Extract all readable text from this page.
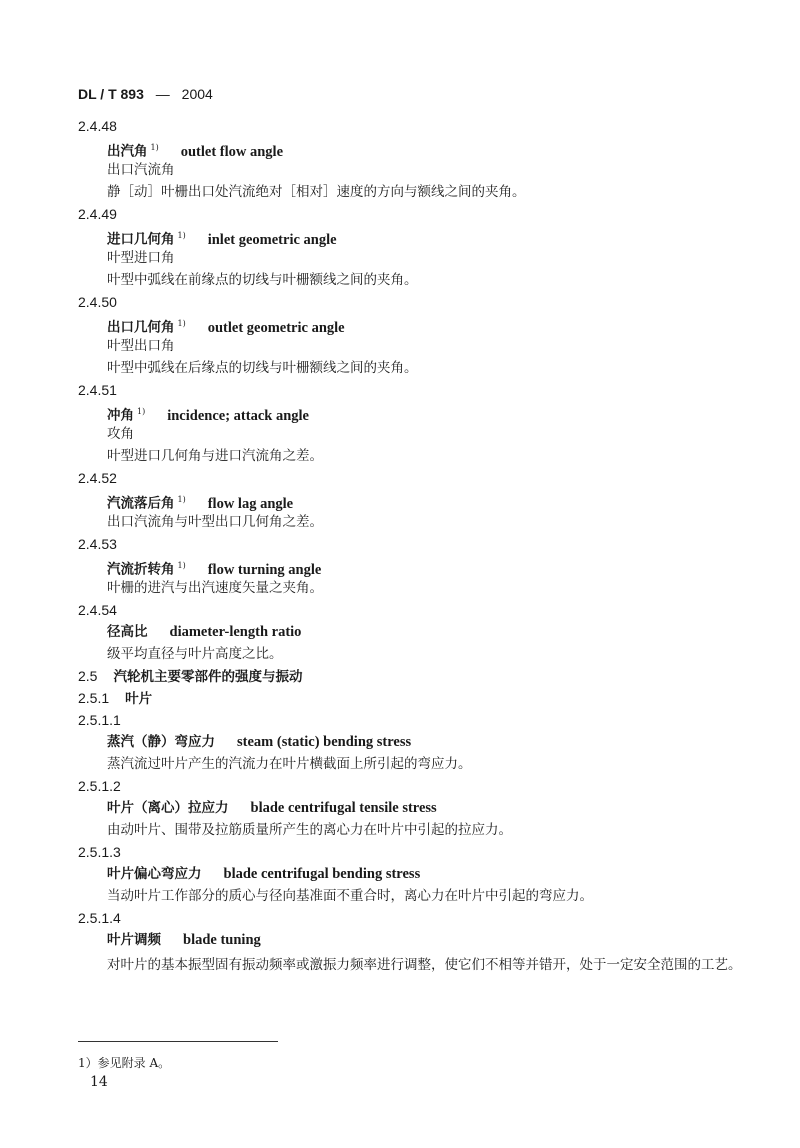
DL / T 893 — 2004
2.4.48
出汽角 $^{1)}$ outlet flow angle
出口汽流角
静［动］叶栅出口处汽流绝对［相对］速度的方向与额线之间的夹角。
2.4.49
进口几何角 $^{1)}$ inlet geometric angle
叶型进口角
叶型中弧线在前缘点的切线与叶栅额线之间的夹角。
2.4.50
出口几何角 $^{1)}$ outlet geometric angle
叶型出口角
叶型中弧线在后缘点的切线与叶栅额线之间的夹角。
2.4.51
冲角 $^{1)}$ incidence; attack angle
攻角
叶型进口几何角与进口汽流角之差。
2.4.52
汽流落后角 $^{1)}$ flow lag angle
出口汽流角与叶型出口几何角之差。
2.4.53
汽流折转角 $^{1)}$ flow turning angle
叶栅的进汽与出汽速度矢量之夹角。
2.4.54
径高比 diameter-length ratio
级平均直径与叶片高度之比。
2.5 汽轮机主要零部件的强度与振动
2.5.1 叶片
2.5.1.1
蒸汽（静）弯应力 steam (static) bending stress
蒸汽流过叶片产生的汽流力在叶片横截面上所引起的弯应力。
2.5.1.2
叶片（离心）拉应力 blade centrifugal tensile stress
由动叶片、围带及拉筋质量所产生的离心力在叶片中引起的拉应力。
2.5.1.3
叶片偏心弯应力 blade centrifugal bending stress
当动叶片工作部分的质心与径向基准面不重合时，离心力在叶片中引起的弯应力。
2.5.1.4
叶片调频 blade tuning
对叶片的基本振型固有振动频率或激振力频率进行调整，使它们不相等并错开，处于一定安全范围的工艺。
1）参见附录 A。
14
